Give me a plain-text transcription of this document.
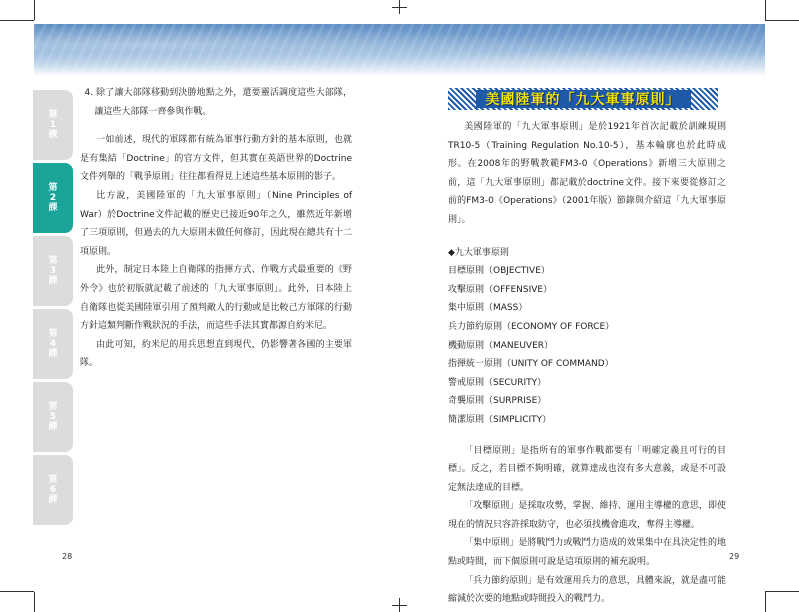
第1課
第2課
第3課
第4課
第5課
第6課

4. 除了讓大部隊移動到決勝地點之外，還要靈活調度這些大部隊，讓這些大部隊一齊參與作戰。

一如前述，現代的軍隊都有統為軍事行動方針的基本原則，也就是有集結「Doctrine」的官方文件，但其實在英語世界的Doctrine文件列舉的「戰爭原則」往往都看得見上述這些基本原則的影子。

比方說，美國陸軍的「九大軍事原則」（Nine Principles of War）於Doctrine文件記載的歷史已接近90年之久，雖然近年新增了三項原則，但過去的九大原則未做任何修訂，因此現在總共有十二項原則。

此外，制定日本陸上自衛隊的指揮方式、作戰方式最重要的《野外令》也於初版就記載了前述的「九大軍事原則」。此外，日本陸上自衛隊也從美國陸軍引用了預判敵人的行動或是比較己方軍隊的行動方針這類判斷作戰狀況的手法，而這些手法其實都源自約米尼。

由此可知，約米尼的用兵思想直到現代，仍影響著各國的主要軍隊。

美國陸軍的「九大軍事原則」

美國陸軍的「九大軍事原則」是於1921年首次記載於訓練規則TR10-5（Training Regulation No.10-5），基本輪廓也於此時成形。在2008年的野戰教範FM3-0《Operations》新增三大原則之前，這「九大軍事原則」都記載於doctrine文件。接下來要從修訂之前的FM3-0《Operations》（2001年版）節錄與介紹這「九大軍事原則」。

◆九大軍事原則

目標原則（OBJECTIVE）

攻擊原則（OFFENSIVE）

集中原則（MASS）

兵力節約原則（ECONOMY OF FORCE）

機動原則（MANEUVER）

指揮統一原則（UNITY OF COMMAND）

警戒原則（SECURITY）

奇襲原則（SURPRISE）

簡潔原則（SIMPLICITY）

「目標原則」是指所有的軍事作戰都要有「明確定義且可行的目標」。反之，若目標不夠明確，就算達成也沒有多大意義，或是不可設定無法達成的目標。

「攻擊原則」是採取攻勢，掌握、維持、運用主導權的意思，即使現在的情況只容許採取防守，也必須找機會進攻，奪得主導權。

「集中原則」是將戰鬥力或戰鬥力造成的效果集中在具決定性的地點或時間，而下個原則可說是這項原則的補充說明。

「兵力節約原則」是有效運用兵力的意思，具體來說，就是盡可能縮減於次要的地點或時間投入的戰鬥力。

28	29
